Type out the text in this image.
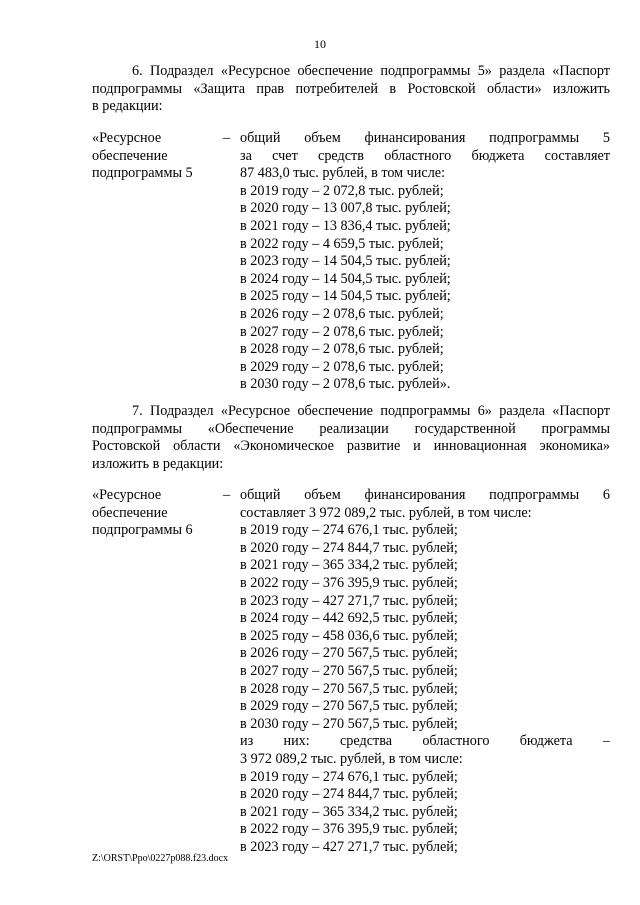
10
6. Подраздел «Ресурсное обеспечение подпрограммы 5» раздела «Паспорт
подпрограммы «Защита прав потребителей в Ростовской области» изложить
в редакции:
«Ресурсное
обеспечение
подпрограммы 5
– общий объем финансирования подпрограммы 5
за счет средств областного бюджета составляет
87 483,0 тыс. рублей, в том числе:
в 2019 году – 2 072,8 тыс. рублей;
в 2020 году – 13 007,8 тыс. рублей;
в 2021 году – 13 836,4 тыс. рублей;
в 2022 году – 4 659,5 тыс. рублей;
в 2023 году – 14 504,5 тыс. рублей;
в 2024 году – 14 504,5 тыс. рублей;
в 2025 году – 14 504,5 тыс. рублей;
в 2026 году – 2 078,6 тыс. рублей;
в 2027 году – 2 078,6 тыс. рублей;
в 2028 году – 2 078,6 тыс. рублей;
в 2029 году – 2 078,6 тыс. рублей;
в 2030 году – 2 078,6 тыс. рублей».
7. Подраздел «Ресурсное обеспечение подпрограммы 6» раздела «Паспорт
подпрограммы «Обеспечение реализации государственной программы
Ростовской области «Экономическое развитие и инновационная экономика»
изложить в редакции:
«Ресурсное
обеспечение
подпрограммы 6
– общий объем финансирования подпрограммы 6
составляет 3 972 089,2 тыс. рублей, в том числе:
в 2019 году – 274 676,1 тыс. рублей;
в 2020 году – 274 844,7 тыс. рублей;
в 2021 году – 365 334,2 тыс. рублей;
в 2022 году – 376 395,9 тыс. рублей;
в 2023 году – 427 271,7 тыс. рублей;
в 2024 году – 442 692,5 тыс. рублей;
в 2025 году – 458 036,6 тыс. рублей;
в 2026 году – 270 567,5 тыс. рублей;
в 2027 году – 270 567,5 тыс. рублей;
в 2028 году – 270 567,5 тыс. рублей;
в 2029 году – 270 567,5 тыс. рублей;
в 2030 году – 270 567,5 тыс. рублей;
из них: средства областного бюджета –
3 972 089,2 тыс. рублей, в том числе:
в 2019 году – 274 676,1 тыс. рублей;
в 2020 году – 274 844,7 тыс. рублей;
в 2021 году – 365 334,2 тыс. рублей;
в 2022 году – 376 395,9 тыс. рублей;
в 2023 году – 427 271,7 тыс. рублей;
Z:\ORST\Ppo\0227p088.f23.docx
